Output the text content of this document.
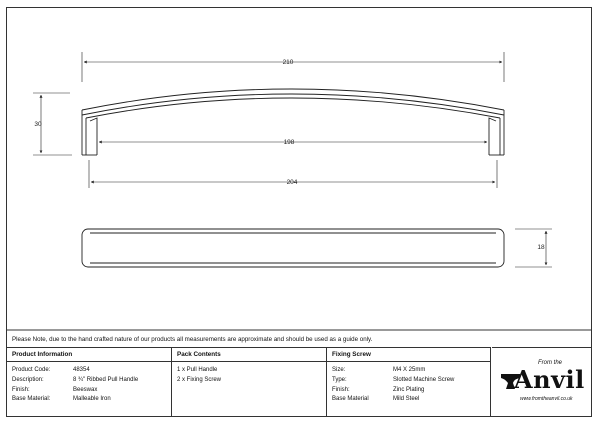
210
198
204
30
18
Please Note, due to the hand crafted nature of our products all measurements are approximate and should be used as a guide only.
Product Information
Product Code:	48354
Description:	8 ¾" Ribbed Pull Handle
Finish:	Beeswax
Base Material:	Malleable Iron
Pack Contents
1 x Pull Handle
2 x Fixing Screw
Fixing Screw
Size:	M4 X 25mm
Type:	Slotted Machine Screw
Finish:	Zinc Plating
Base Material	Mild Steel
From the
Anvil
www.fromtheanvil.co.uk
